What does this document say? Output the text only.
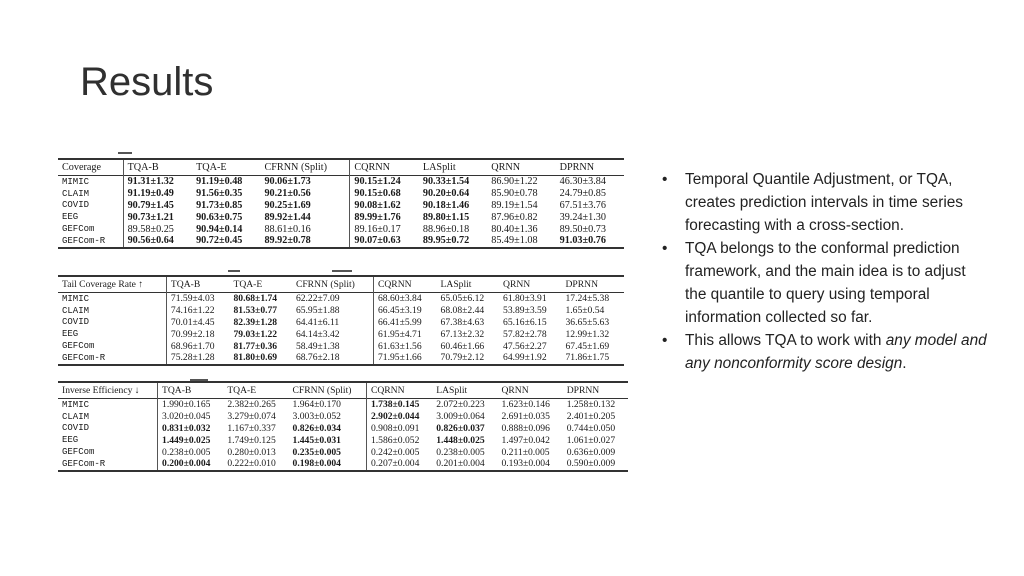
Results
Coverage	TQA-B	TQA-E	CFRNN (Split)	CQRNN	LASplit	QRNN	DPRNN
MIMIC	91.31±1.32	91.19±0.48	90.06±1.73	90.15±1.24	90.33±1.54	86.90±1.22	46.30±3.84
CLAIM	91.19±0.49	91.56±0.35	90.21±0.56	90.15±0.68	90.20±0.64	85.90±0.78	24.79±0.85
COVID	90.79±1.45	91.73±0.85	90.25±1.69	90.08±1.62	90.18±1.46	89.19±1.54	67.51±3.76
EEG	90.73±1.21	90.63±0.75	89.92±1.44	89.99±1.76	89.80±1.15	87.96±0.82	39.24±1.30
GEFCom	89.58±0.25	90.94±0.14	88.61±0.16	89.16±0.17	88.96±0.18	80.40±1.36	89.50±0.73
GEFCom-R	90.56±0.64	90.72±0.45	89.92±0.78	90.07±0.63	89.95±0.72	85.49±1.08	91.03±0.76
Tail Coverage Rate ↑	TQA-B	TQA-E	CFRNN (Split)	CQRNN	LASplit	QRNN	DPRNN
MIMIC	71.59±4.03	80.68±1.74	62.22±7.09	68.60±3.84	65.05±6.12	61.80±3.91	17.24±5.38
CLAIM	74.16±1.22	81.53±0.77	65.95±1.88	66.45±3.19	68.08±2.44	53.89±3.59	1.65±0.54
COVID	70.01±4.45	82.39±1.28	64.41±6.11	66.41±5.99	67.38±4.63	65.16±6.15	36.65±5.63
EEG	70.99±2.18	79.03±1.22	64.14±3.42	61.95±4.71	67.13±2.32	57.82±2.78	12.99±1.32
GEFCom	68.96±1.70	81.77±0.36	58.49±1.38	61.63±1.56	60.46±1.66	47.56±2.27	67.45±1.69
GEFCom-R	75.28±1.28	81.80±0.69	68.76±2.18	71.95±1.66	70.79±2.12	64.99±1.92	71.86±1.75
Inverse Efficiency ↓	TQA-B	TQA-E	CFRNN (Split)	CQRNN	LASplit	QRNN	DPRNN
MIMIC	1.990±0.165	2.382±0.265	1.964±0.170	1.738±0.145	2.072±0.223	1.623±0.146	1.258±0.132
CLAIM	3.020±0.045	3.279±0.074	3.003±0.052	2.902±0.044	3.009±0.064	2.691±0.035	2.401±0.205
COVID	0.831±0.032	1.167±0.337	0.826±0.034	0.908±0.091	0.826±0.037	0.888±0.096	0.744±0.050
EEG	1.449±0.025	1.749±0.125	1.445±0.031	1.586±0.052	1.448±0.025	1.497±0.042	1.061±0.027
GEFCom	0.238±0.005	0.280±0.013	0.235±0.005	0.242±0.005	0.238±0.005	0.211±0.005	0.636±0.009
GEFCom-R	0.200±0.004	0.222±0.010	0.198±0.004	0.207±0.004	0.201±0.004	0.193±0.004	0.590±0.009
• Temporal Quantile Adjustment, or TQA, creates prediction intervals in time series forecasting with a cross-section.
• TQA belongs to the conformal prediction framework, and the main idea is to adjust the quantile to query using temporal information collected so far.
• This allows TQA to work with any model and any nonconformity score design.
